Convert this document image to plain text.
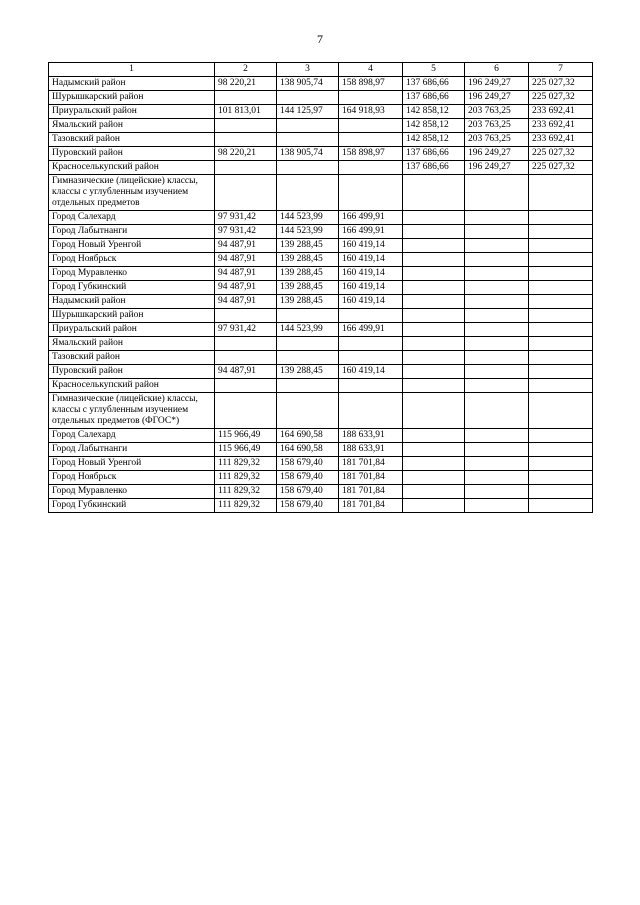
7
1	2	3	4	5	6	7
Надымский район	98 220,21	138 905,74	158 898,97	137 686,66	196 249,27	225 027,32
Шурышкарский район				137 686,66	196 249,27	225 027,32
Приуральский район	101 813,01	144 125,97	164 918,93	142 858,12	203 763,25	233 692,41
Ямальский район				142 858,12	203 763,25	233 692,41
Тазовский район				142 858,12	203 763,25	233 692,41
Пуровский район	98 220,21	138 905,74	158 898,97	137 686,66	196 249,27	225 027,32
Красноселькупский район				137 686,66	196 249,27	225 027,32
Гимназические (лицейские) классы, классы с углубленным изучением отдельных предметов						
Город Салехард	97 931,42	144 523,99	166 499,91			
Город Лабытнанги	97 931,42	144 523,99	166 499,91			
Город Новый Уренгой	94 487,91	139 288,45	160 419,14			
Город Ноябрьск	94 487,91	139 288,45	160 419,14			
Город Муравленко	94 487,91	139 288,45	160 419,14			
Город Губкинский	94 487,91	139 288,45	160 419,14			
Надымский район	94 487,91	139 288,45	160 419,14			
Шурышкарский район						
Приуральский район	97 931,42	144 523,99	166 499,91			
Ямальский район						
Тазовский район						
Пуровский район	94 487,91	139 288,45	160 419,14			
Красноселькупский район						
Гимназические (лицейские) классы, классы с углубленным изучением отдельных предметов (ФГОС*)						
Город Салехард	115 966,49	164 690,58	188 633,91			
Город Лабытнанги	115 966,49	164 690,58	188 633,91			
Город Новый Уренгой	111 829,32	158 679,40	181 701,84			
Город Ноябрьск	111 829,32	158 679,40	181 701,84			
Город Муравленко	111 829,32	158 679,40	181 701,84			
Город Губкинский	111 829,32	158 679,40	181 701,84			
